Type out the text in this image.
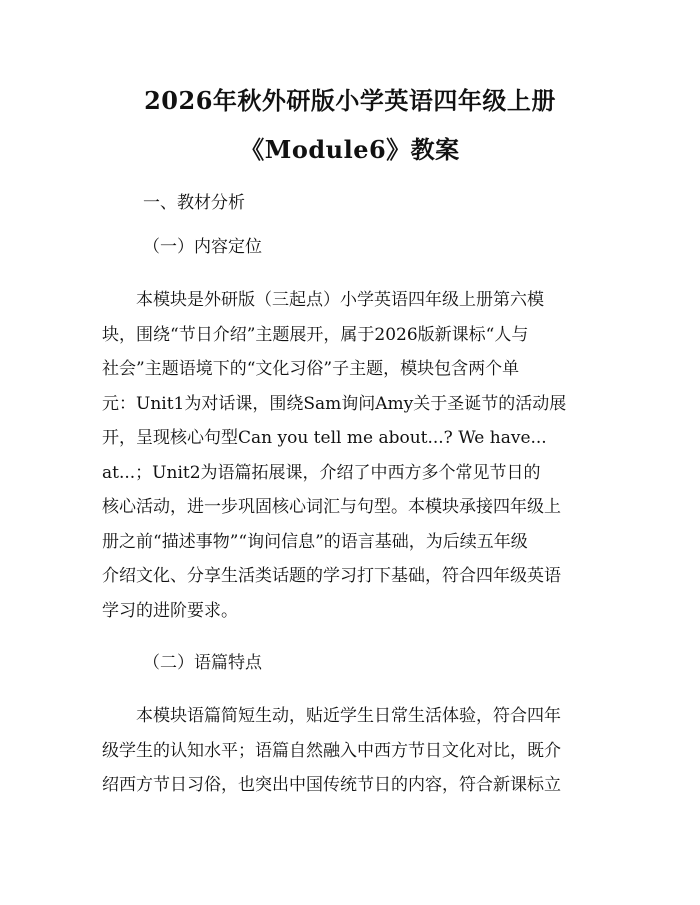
2026年秋外研版小学英语四年级上册
《Module6》教案

一、教材分析

（一）内容定位

　　本模块是外研版（三起点）小学英语四年级上册第六模
块，围绕“节日介绍”主题展开，属于2026版新课标“人与
社会”主题语境下的“文化习俗”子主题，模块包含两个单
元：Unit1为对话课，围绕Sam询问Amy关于圣诞节的活动展
开，呈现核心句型Can you tell me about...? We have...
at...；Unit2为语篇拓展课，介绍了中西方多个常见节日的
核心活动，进一步巩固核心词汇与句型。本模块承接四年级上
册之前“描述事物”“询问信息”的语言基础，为后续五年级
介绍文化、分享生活类话题的学习打下基础，符合四年级英语
学习的进阶要求。

（二）语篇特点

　　本模块语篇简短生动，贴近学生日常生活体验，符合四年
级学生的认知水平；语篇自然融入中西方节日文化对比，既介
绍西方节日习俗，也突出中国传统节日的内容，符合新课标立
